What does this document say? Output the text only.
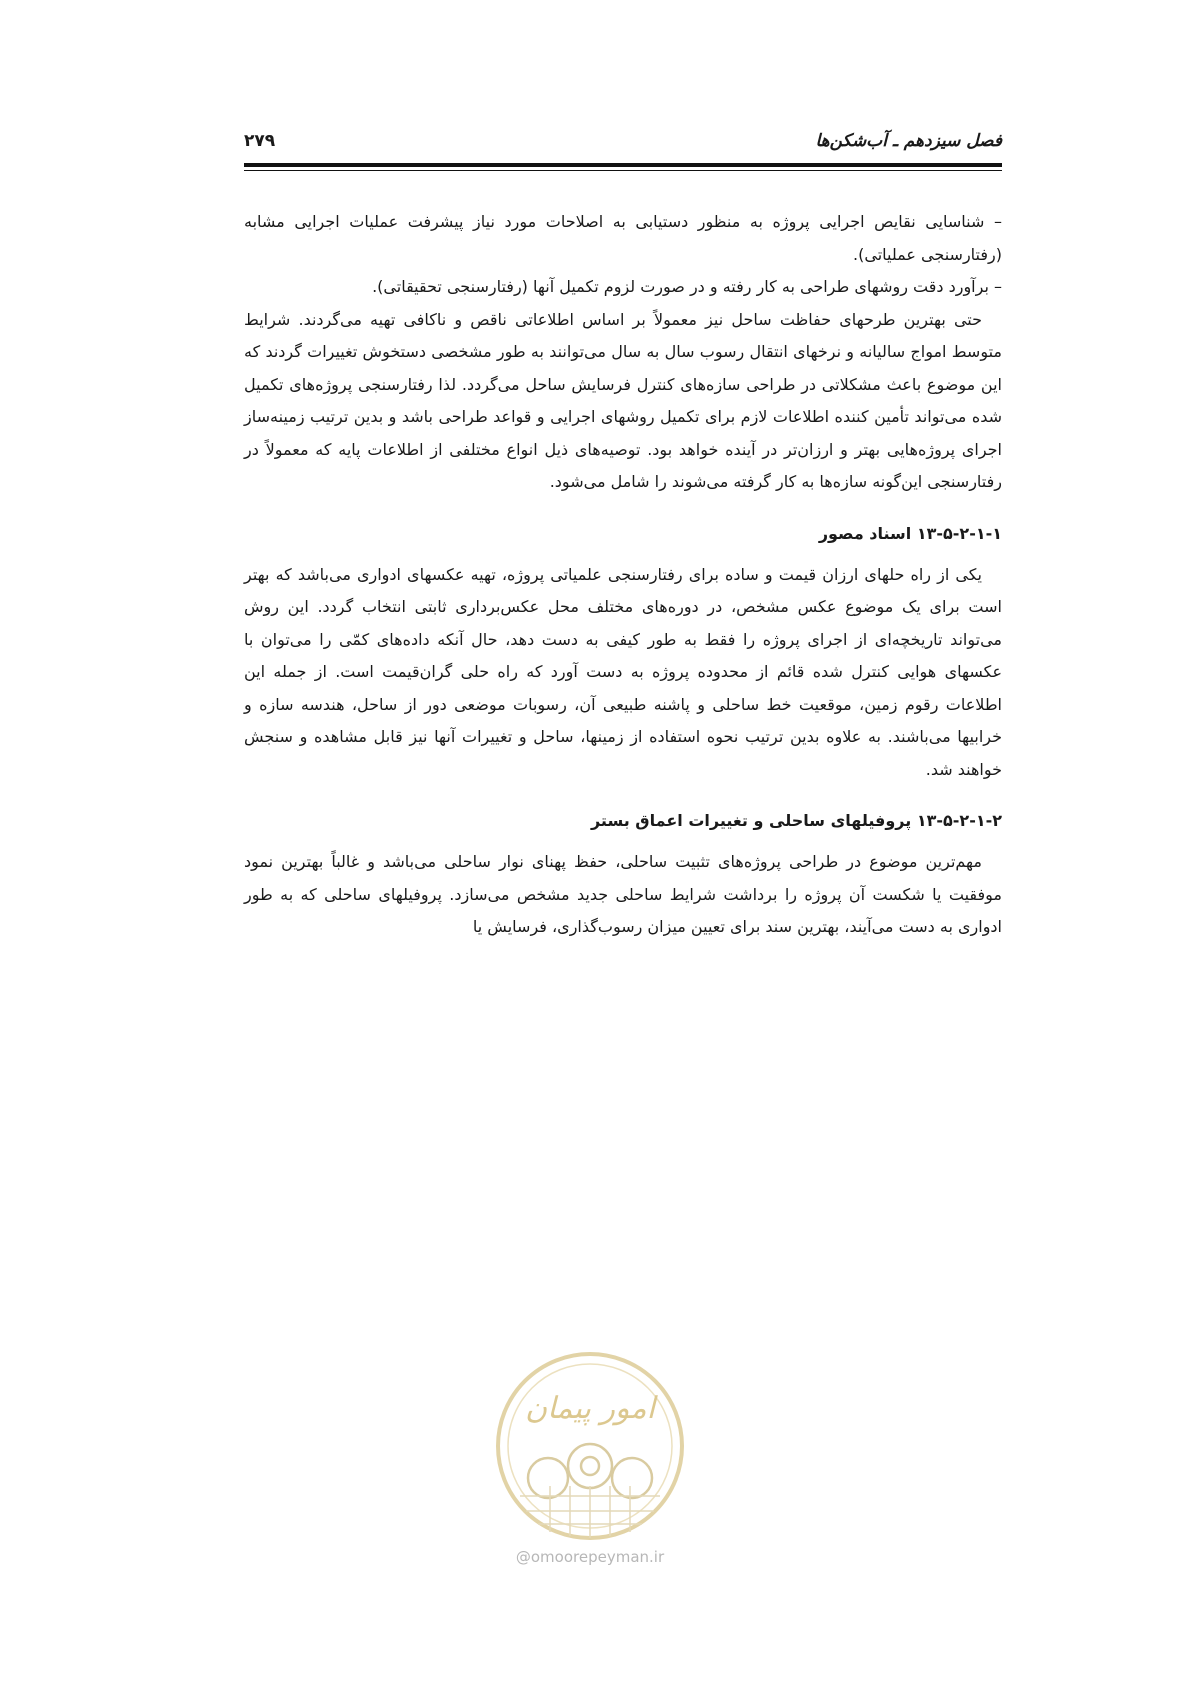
فصل سیزدهم ـ آب‌شکن‌ها
۲۷۹

– شناسایی نقایص اجرایی پروژه به منظور دستیابی به اصلاحات مورد نیاز پیشرفت عملیات اجرایی مشابه (رفتارسنجی عملیاتی).

– برآورد دقت روشهای طراحی به کار رفته و در صورت لزوم تکمیل آنها (رفتارسنجی تحقیقاتی).

حتی بهترین طرحهای حفاظت ساحل نیز معمولاً بر اساس اطلاعاتی ناقص و ناکافی تهیه می‌گردند. شرایط متوسط امواج سالیانه و نرخهای انتقال رسوب سال به سال می‌توانند به طور مشخصی دستخوش تغییرات گردند که این موضوع باعث مشکلاتی در طراحی سازه‌های کنترل فرسایش ساحل می‌گردد. لذا رفتارسنجی پروژه‌های تکمیل شده می‌تواند تأمین کننده اطلاعات لازم برای تکمیل روشهای اجرایی و قواعد طراحی باشد و بدین ترتیب زمینه‌ساز اجرای پروژه‌هایی بهتر و ارزان‌تر در آینده خواهد بود. توصیه‌های ذیل انواع مختلفی از اطلاعات پایه که معمولاً در رفتارسنجی این‌گونه سازه‌ها به کار گرفته می‌شوند را شامل می‌شود.

۱۳-۵-۲-۱-۱ اسناد مصور

یکی از راه حلهای ارزان قیمت و ساده برای رفتارسنجی علمیاتی پروژه، تهیه عکسهای ادواری می‌باشد که بهتر است برای یک موضوع عکس مشخص، در دوره‌های مختلف محل عکس‌برداری ثابتی انتخاب گردد. این روش می‌تواند تاریخچه‌ای از اجرای پروژه را فقط به طور کیفی به دست دهد، حال آنکه داده‌های کمّی را می‌توان با عکسهای هوایی کنترل شده قائم از محدوده پروژه به دست آورد که راه حلی گران‌قیمت است. از جمله این اطلاعات رقوم زمین، موقعیت خط ساحلی و پاشنه طبیعی آن، رسوبات موضعی دور از ساحل، هندسه سازه و خرابیها می‌باشند. به علاوه بدین ترتیب نحوه استفاده از زمینها، ساحل و تغییرات آنها نیز قابل مشاهده و سنجش خواهند شد.

۱۳-۵-۲-۱-۲ پروفیلهای ساحلی و تغییرات اعماق بستر

مهم‌ترین موضوع در طراحی پروژه‌های تثبیت ساحلی، حفظ پهنای نوار ساحلی می‌باشد و غالباً بهترین نمود موفقیت یا شکست آن پروژه را برداشت شرایط ساحلی جدید مشخص می‌سازد. پروفیلهای ساحلی که به طور ادواری به دست می‌آیند، بهترین سند برای تعیین میزان رسوب‌گذاری، فرسایش یا

امور پیمان
@omoorepeyman.ir
